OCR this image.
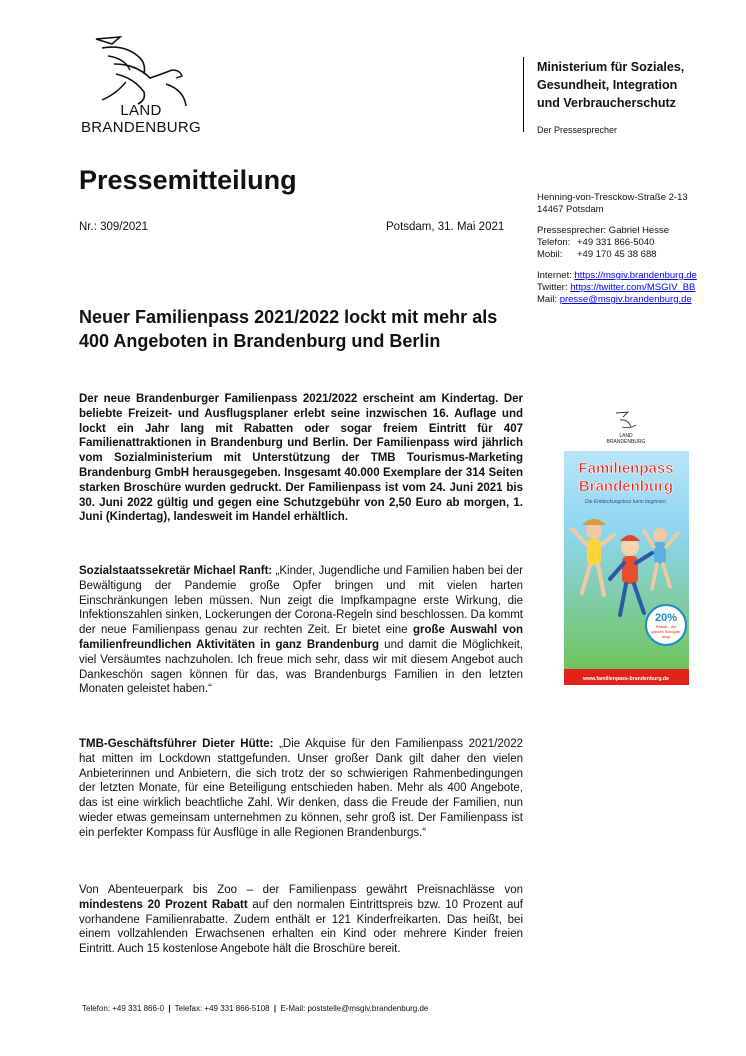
LAND
BRANDENBURG
Ministerium für Soziales,
Gesundheit, Integration
und Verbraucherschutz
Der Pressesprecher
Pressemitteilung
Nr.: 309/2021	Potsdam, 31. Mai 2021
Henning-von-Tresckow-Straße 2-13
14467 Potsdam
Pressesprecher: Gabriel Hesse
Telefon: +49 331 866-5040
Mobil: +49 170 45 38 688
Internet: https://msgiv.brandenburg.de
Twitter: https://twitter.com/MSGIV_BB
Mail: presse@msgiv.brandenburg.de
Neuer Familienpass 2021/2022 lockt mit mehr als 400 Angeboten in Brandenburg und Berlin
Der neue Brandenburger Familienpass 2021/2022 erscheint am Kindertag. Der beliebte Freizeit- und Ausflugsplaner erlebt seine inzwischen 16. Auflage und lockt ein Jahr lang mit Rabatten oder sogar freiem Eintritt für 407 Familienattraktionen in Brandenburg und Berlin. Der Familienpass wird jährlich vom Sozialministerium mit Unterstützung der TMB Tourismus-Marketing Brandenburg GmbH herausgegeben. Insgesamt 40.000 Exemplare der 314 Seiten starken Broschüre wurden gedruckt. Der Familienpass ist vom 24. Juni 2021 bis 30. Juni 2022 gültig und gegen eine Schutzgebühr von 2,50 Euro ab morgen, 1. Juni (Kindertag), landesweit im Handel erhältlich.
Sozialstaatssekretär Michael Ranft: „Kinder, Jugendliche und Familien haben bei der Bewältigung der Pandemie große Opfer bringen und mit vielen harten Einschränkungen leben müssen. Nun zeigt die Impfkampagne erste Wirkung, die Infektionszahlen sinken, Lockerungen der Corona-Regeln sind beschlossen. Da kommt der neue Familienpass genau zur rechten Zeit. Er bietet eine große Auswahl von familienfreundlichen Aktivitäten in ganz Brandenburg und damit die Möglichkeit, viel Versäumtes nachzuholen. Ich freue mich sehr, dass wir mit diesem Angebot auch Dankeschön sagen können für das, was Brandenburgs Familien in den letzten Monaten geleistet haben.“
TMB-Geschäftsführer Dieter Hütte: „Die Akquise für den Familienpass 2021/2022 hat mitten im Lockdown stattgefunden. Unser großer Dank gilt daher den vielen Anbieterinnen und Anbietern, die sich trotz der so schwierigen Rahmenbedingungen der letzten Monate, für eine Beteiligung entschieden haben. Mehr als 400 Angebote, das ist eine wirklich beachtliche Zahl. Wir denken, dass die Freude der Familien, nun wieder etwas gemeinsam unternehmen zu können, sehr groß ist. Der Familienpass ist ein perfekter Kompass für Ausflüge in alle Regionen Brandenburgs.“
Von Abenteuerpark bis Zoo – der Familienpass gewährt Preisnachlässe von mindestens 20 Prozent Rabatt auf den normalen Eintrittspreis bzw. 10 Prozent auf vorhandene Familienrabatte. Zudem enthält er 121 Kinderfreikarten. Das heißt, bei einem vollzahlenden Erwachsenen erhalten ein Kind oder mehrere Kinder freien Eintritt. Auch 15 kostenlose Angebote hält die Broschüre bereit.
LAND
BRANDENBURG
Familienpass
Brandenburg
Die Entdeckungstour kann beginnen.
20%
Rabatt – ein
ganzes Schuljahr
lang!
www.familienpass-brandenburg.de
Telefon: +49 331 866-0 | Telefax: +49 331 866-5108 | E-Mail: poststelle@msgiv.brandenburg.de
